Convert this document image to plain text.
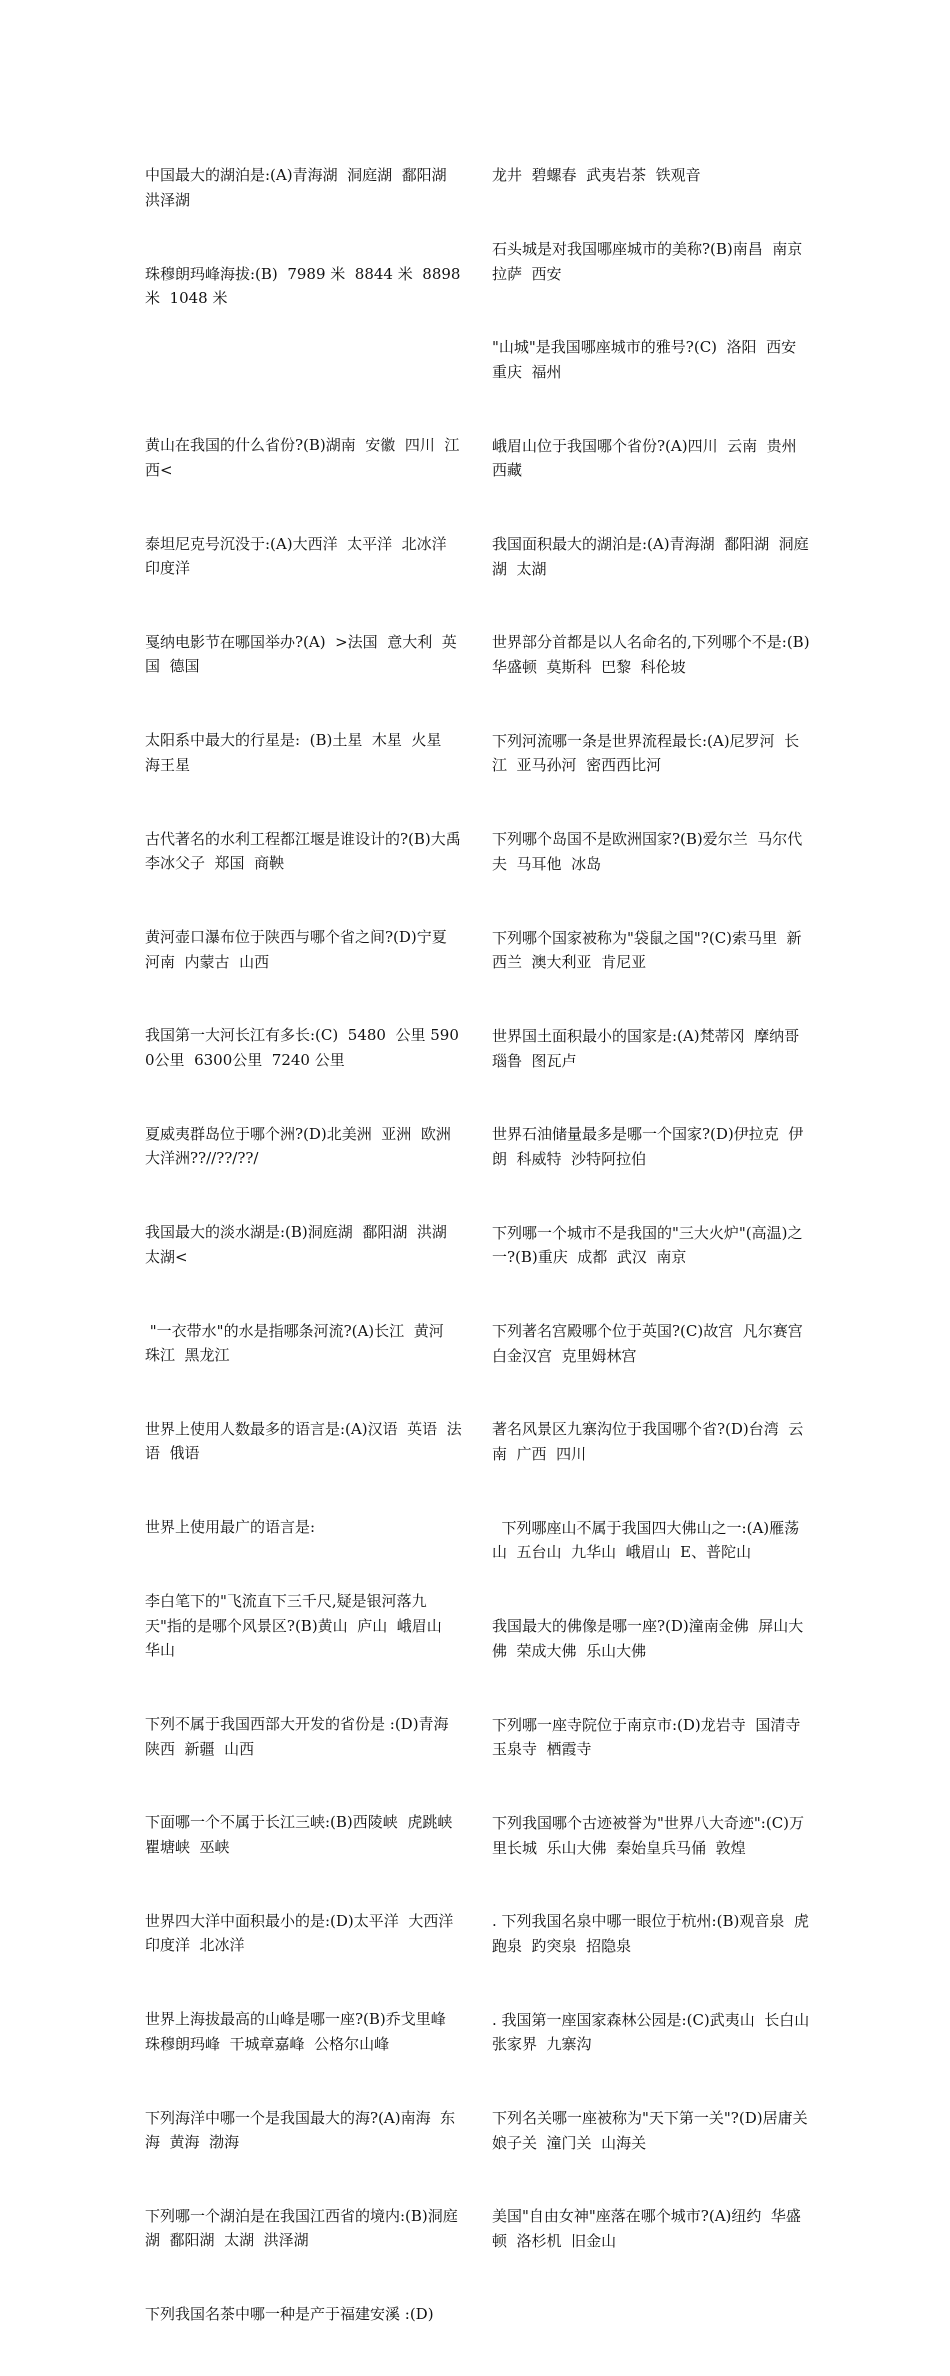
中国最大的湖泊是:(A)青海湖  洞庭湖  鄱阳湖  洪泽湖

珠穆朗玛峰海拔:(B)  7989 米  8844 米  8898 米  1048 米

黄山在我国的什么省份?(B)湖南  安徽  四川  江西<

泰坦尼克号沉没于:(A)大西洋  太平洋  北冰洋  印度洋

戛纳电影节在哪国举办?(A)  >法国  意大利  英国  德国

太阳系中最大的行星是:  (B)土星  木星  火星  海王星

古代著名的水利工程都江堰是谁设计的?(B)大禹  李冰父子  郑国  商鞅

黄河壶口瀑布位于陕西与哪个省之间?(D)宁夏  河南  内蒙古  山西

我国第一大河长江有多长:(C)  5480  公里 5900公里  6300公里  7240 公里

夏威夷群岛位于哪个洲?(D)北美洲  亚洲  欧洲  大洋洲??//??/??/

我国最大的淡水湖是:(B)洞庭湖  鄱阳湖  洪湖  太湖<

"一衣带水"的水是指哪条河流?(A)长江  黄河  珠江  黑龙江

世界上使用人数最多的语言是:(A)汉语  英语  法语  俄语

世界上使用最广的语言是:

李白笔下的"飞流直下三千尺,疑是银河落九天"指的是哪个风景区?(B)黄山  庐山  峨眉山  华山

下列不属于我国西部大开发的省份是 :(D)青海  陕西  新疆  山西

下面哪一个不属于长江三峡:(B)西陵峡  虎跳峡  瞿塘峡  巫峡

世界四大洋中面积最小的是:(D)太平洋  大西洋  印度洋  北冰洋

世界上海拔最高的山峰是哪一座?(B)乔戈里峰  珠穆朗玛峰  干城章嘉峰  公格尔山峰

下列海洋中哪一个是我国最大的海?(A)南海  东海  黄海  渤海

下列哪一个湖泊是在我国江西省的境内:(B)洞庭湖  鄱阳湖  太湖  洪泽湖

下列我国名茶中哪一种是产于福建安溪 :(D)

龙井  碧螺春  武夷岩茶  铁观音

石头城是对我国哪座城市的美称?(B)南昌  南京  拉萨  西安

"山城"是我国哪座城市的雅号?(C)  洛阳  西安  重庆  福州

峨眉山位于我国哪个省份?(A)四川  云南  贵州  西藏

我国面积最大的湖泊是:(A)青海湖  鄱阳湖  洞庭湖  太湖

世界部分首都是以人名命名的,下列哪个不是:(B)华盛顿  莫斯科  巴黎  科伦坡

下列河流哪一条是世界流程最长:(A)尼罗河  长江  亚马孙河  密西西比河

下列哪个岛国不是欧洲国家?(B)爱尔兰  马尔代夫  马耳他  冰岛

下列哪个国家被称为"袋鼠之国"?(C)索马里  新西兰  澳大利亚  肯尼亚

世界国土面积最小的国家是:(A)梵蒂冈  摩纳哥  瑙鲁  图瓦卢

世界石油储量最多是哪一个国家?(D)伊拉克  伊朗  科威特  沙特阿拉伯

下列哪一个城市不是我国的"三大火炉"(高温)之一?(B)重庆  成都  武汉  南京

下列著名宫殿哪个位于英国?(C)故宫  凡尔赛宫  白金汉宫  克里姆林宫

著名风景区九寨沟位于我国哪个省?(D)台湾  云南  广西  四川

下列哪座山不属于我国四大佛山之一:(A)雁荡山  五台山  九华山  峨眉山  E、普陀山

我国最大的佛像是哪一座?(D)潼南金佛  屏山大佛  荣成大佛  乐山大佛

下列哪一座寺院位于南京市:(D)龙岩寺  国清寺  玉泉寺  栖霞寺

下列我国哪个古迹被誉为"世界八大奇迹":(C)万里长城  乐山大佛  秦始皇兵马俑  敦煌

. 下列我国名泉中哪一眼位于杭州:(B)观音泉  虎跑泉  趵突泉  招隐泉

. 我国第一座国家森林公园是:(C)武夷山  长白山  张家界  九寨沟

下列名关哪一座被称为"天下第一关"?(D)居庸关  娘子关  潼门关  山海关

美国"自由女神"座落在哪个城市?(A)纽约  华盛顿  洛杉机  旧金山
